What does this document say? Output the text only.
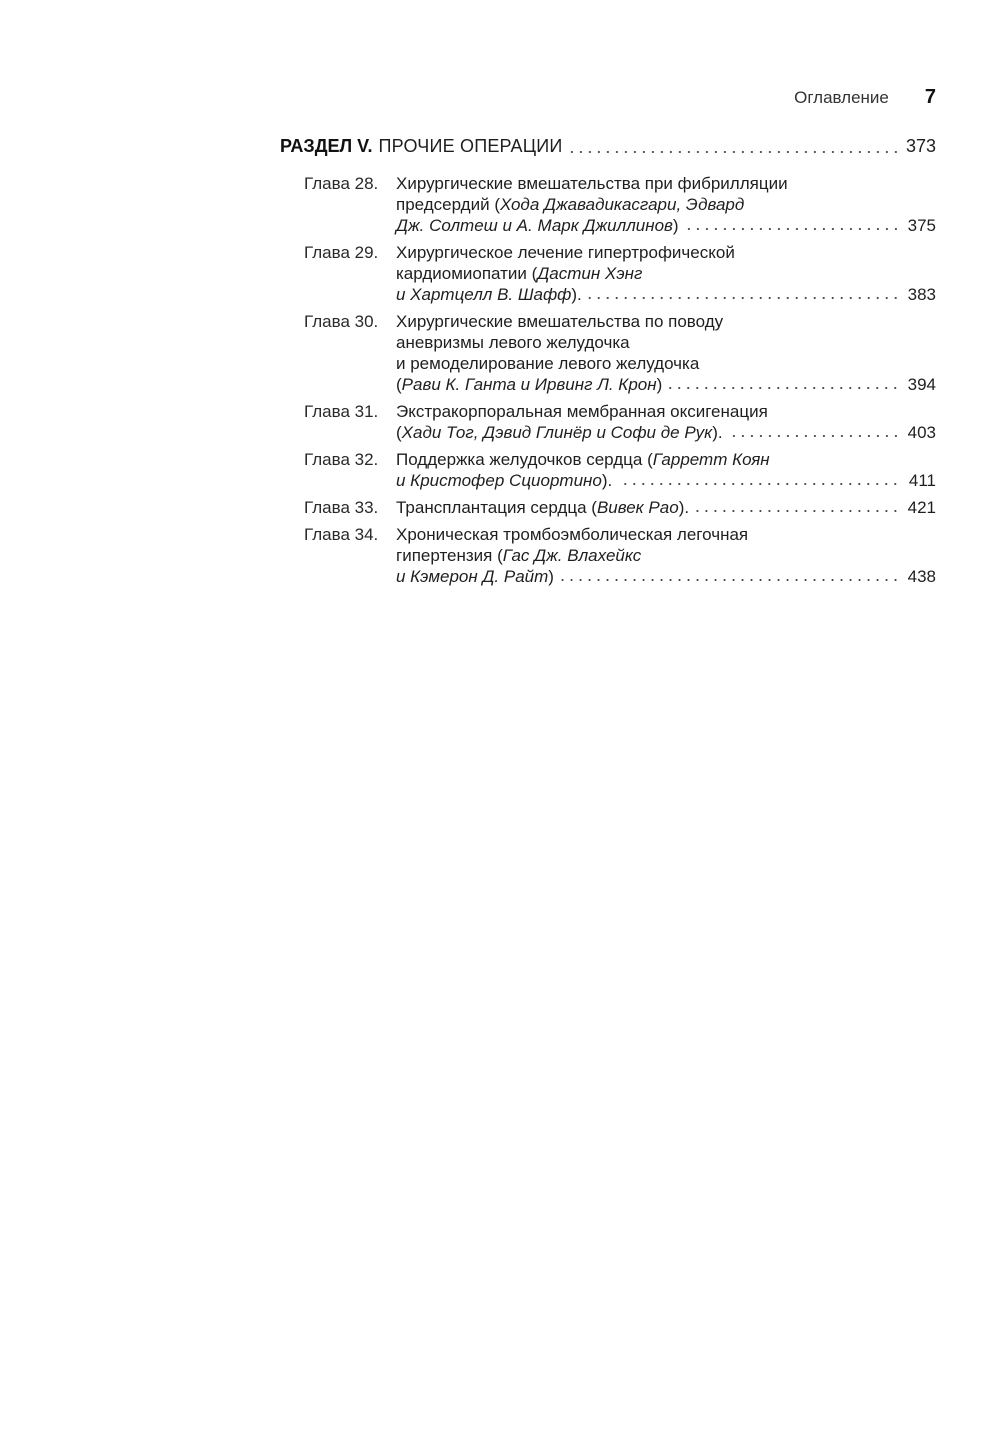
Оглавление 7
РАЗДЕЛ V. ПРОЧИЕ ОПЕРАЦИИ	373
Глава 28. Хирургические вмешательства при фибрилляции
предсердий (Хода Джавадикасгари, Эдвард
Дж. Солтеш и А. Марк Джиллинов)	375
Глава 29. Хирургическое лечение гипертрофической
кардиомиопатии (Дастин Хэнг
и Хартцелл В. Шафф).	383
Глава 30. Хирургические вмешательства по поводу
аневризмы левого желудочка
и ремоделирование левого желудочка
(Рави К. Ганта и Ирвинг Л. Крон)	394
Глава 31. Экстракорпоральная мембранная оксигенация
(Хади Тог, Дэвид Глинёр и Софи де Рук).	403
Глава 32. Поддержка желудочков сердца (Гарретт Коян
и Кристофер Сциортино).	411
Глава 33. Трансплантация сердца (Вивек Рао).	421
Глава 34. Хроническая тромбоэмболическая легочная
гипертензия (Гас Дж. Влахейкс
и Кэмерон Д. Райт)	438
